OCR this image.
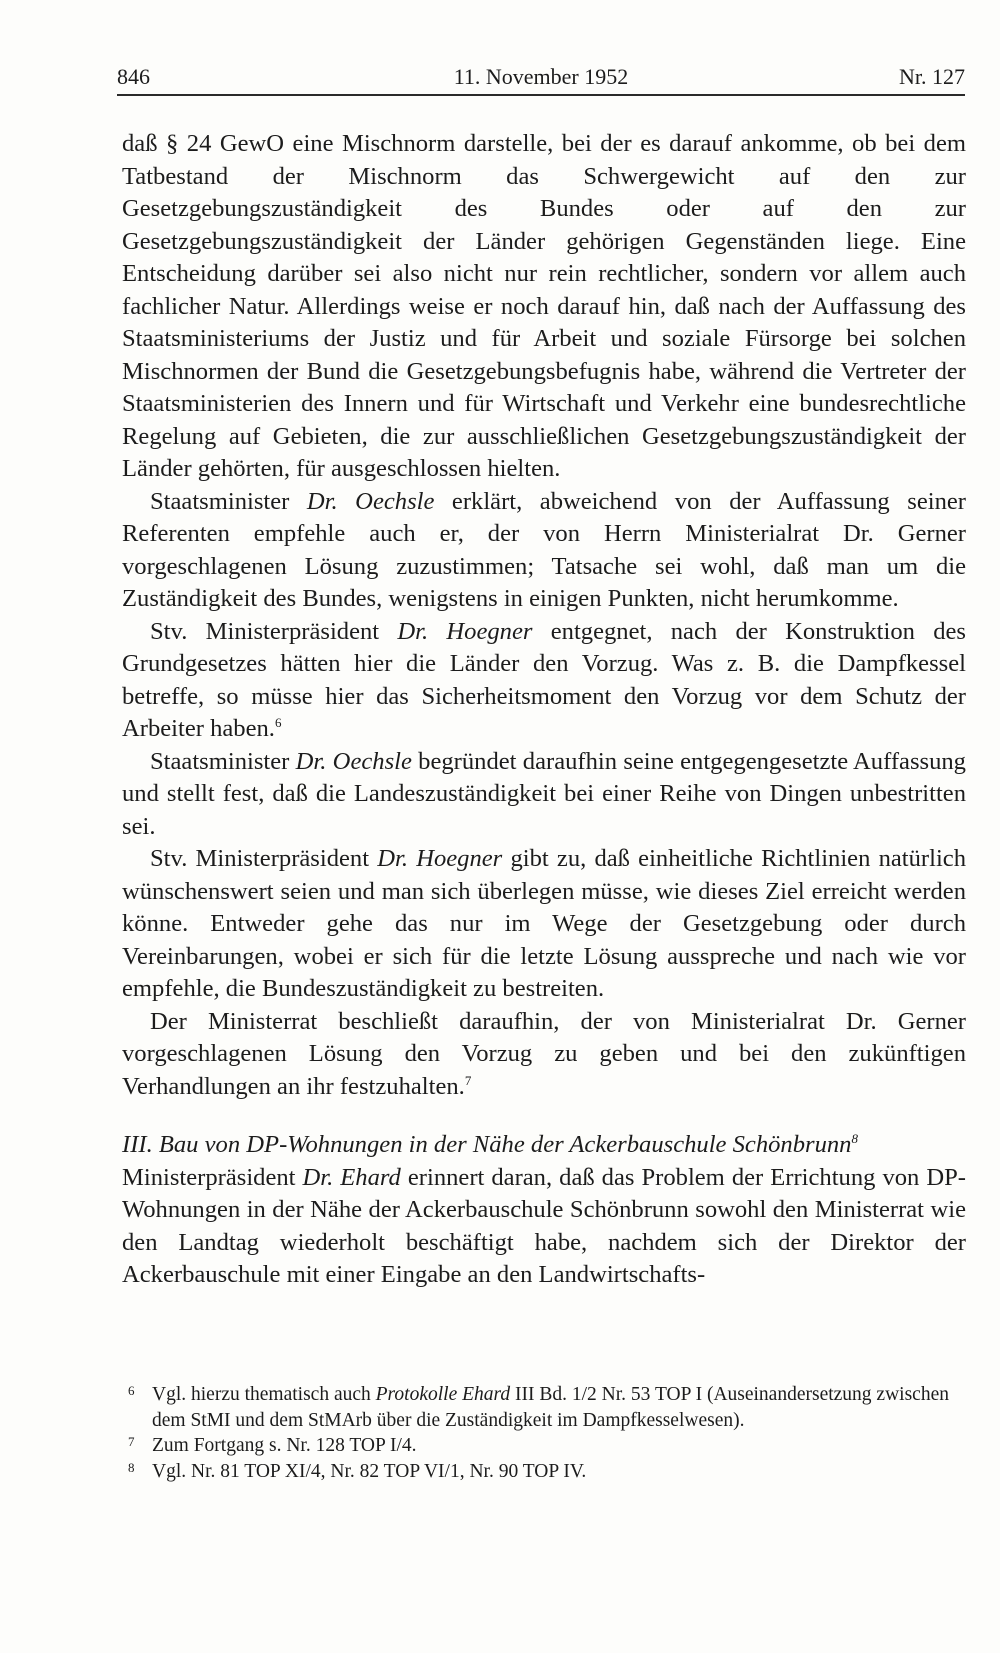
846	11. November 1952	Nr. 127

daß § 24 GewO eine Mischnorm darstelle, bei der es darauf ankomme, ob bei dem Tatbestand der Mischnorm das Schwergewicht auf den zur Gesetzgebungszuständigkeit des Bundes oder auf den zur Gesetzgebungszuständigkeit der Länder gehörigen Gegenständen liege. Eine Entscheidung darüber sei also nicht nur rein rechtlicher, sondern vor allem auch fachlicher Natur. Allerdings weise er noch darauf hin, daß nach der Auffassung des Staatsministeriums der Justiz und für Arbeit und soziale Fürsorge bei solchen Mischnormen der Bund die Gesetzgebungsbefugnis habe, während die Vertreter der Staatsministerien des Innern und für Wirtschaft und Verkehr eine bundesrechtliche Regelung auf Gebieten, die zur ausschließlichen Gesetzgebungszuständigkeit der Länder gehörten, für ausgeschlossen hielten.

Staatsminister Dr. Oechsle erklärt, abweichend von der Auffassung seiner Referenten empfehle auch er, der von Herrn Ministerialrat Dr. Gerner vorgeschlagenen Lösung zuzustimmen; Tatsache sei wohl, daß man um die Zuständigkeit des Bundes, wenigstens in einigen Punkten, nicht herumkomme.

Stv. Ministerpräsident Dr. Hoegner entgegnet, nach der Konstruktion des Grundgesetzes hätten hier die Länder den Vorzug. Was z. B. die Dampfkessel betreffe, so müsse hier das Sicherheitsmoment den Vorzug vor dem Schutz der Arbeiter haben.$^6$

Staatsminister Dr. Oechsle begründet daraufhin seine entgegengesetzte Auffassung und stellt fest, daß die Landeszuständigkeit bei einer Reihe von Dingen unbestritten sei.

Stv. Ministerpräsident Dr. Hoegner gibt zu, daß einheitliche Richtlinien natürlich wünschenswert seien und man sich überlegen müsse, wie dieses Ziel erreicht werden könne. Entweder gehe das nur im Wege der Gesetzgebung oder durch Vereinbarungen, wobei er sich für die letzte Lösung ausspreche und nach wie vor empfehle, die Bundeszuständigkeit zu bestreiten.

Der Ministerrat beschließt daraufhin, der von Ministerialrat Dr. Gerner vorgeschlagenen Lösung den Vorzug zu geben und bei den zukünftigen Verhandlungen an ihr festzuhalten.$^7$

III. Bau von DP-Wohnungen in der Nähe der Ackerbauschule Schönbrunn$^8$

Ministerpräsident Dr. Ehard erinnert daran, daß das Problem der Errichtung von DP-Wohnungen in der Nähe der Ackerbauschule Schönbrunn sowohl den Ministerrat wie den Landtag wiederholt beschäftigt habe, nachdem sich der Direktor der Ackerbauschule mit einer Eingabe an den Landwirtschafts-

6 Vgl. hierzu thematisch auch Protokolle Ehard III Bd. 1/2 Nr. 53 TOP I (Auseinandersetzung zwischen dem StMI und dem StMArb über die Zuständigkeit im Dampfkesselwesen).
7 Zum Fortgang s. Nr. 128 TOP I/4.
8 Vgl. Nr. 81 TOP XI/4, Nr. 82 TOP VI/1, Nr. 90 TOP IV.
